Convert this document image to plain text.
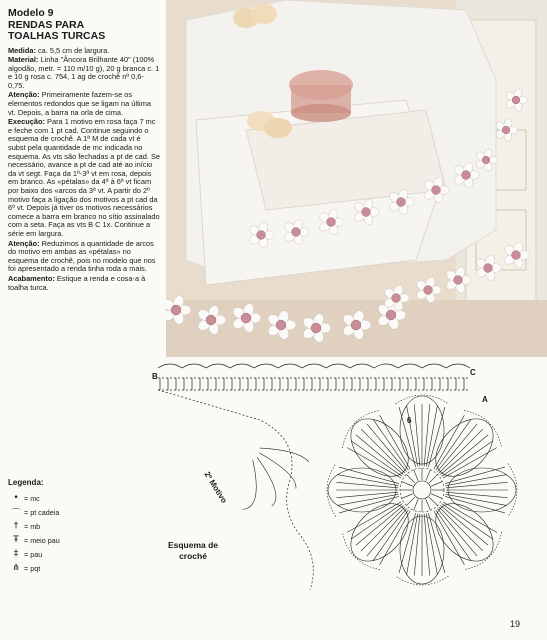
Modelo 9
RENDAS PARA
TOALHAS TURCAS
Medida: ca. 5,5 cm de largura.
Material: Linha "Âncora Brilhante 40" (100% algodão, metr. = 110 m/10 g), 20 g branca c. 1 e 10 g rosa c. 754, 1 ag de crochê nº 0,6-0,75.
Atenção: Primeiramente fazem-se os elementos redondos que se ligam na última vt. Depois, a barra na orla de cima.
Execução: Para 1 motivo em rosa faça 7 mc e feche com 1 pt cad. Continue seguindo o esquema de crochê. A 1ª M de cada vt é subst pela quantidade de mc indicada no esquema. As vts são fechadas a pt de cad. Se necessário, avance a pt de cad até ao início da vt segt. Faça da 1ª-3ª vt em rosa, depois em branco. As «pétalas» da 4ª à 6ª vt ficam por baixo dos «arcos da 3ª vt. A partir do 2º motivo faça a ligação dos motivos a pt cad da 6ª vt. Depois já tiver os motivos necessários comece a barra em branco no sítio assinalado com a seta. Faça as vts B C 1x. Continue a série em largura.
Atenção: Reduzimos a quantidade de arcos do motivo em ambas as «pétalas» no esquema de crochê, pois no modelo que nos foi apresentado a renda tinha roda a mais.
Acabamento: Estique a renda e cosa-a à toalha turca.
B	C
A
6
2º Motivo
Esquema de
croché
Legenda:
• = mc
⌒ = pt cadeia
† = mb
Ŧ = meio pau
‡ = pau
⋔ = pqt
19
